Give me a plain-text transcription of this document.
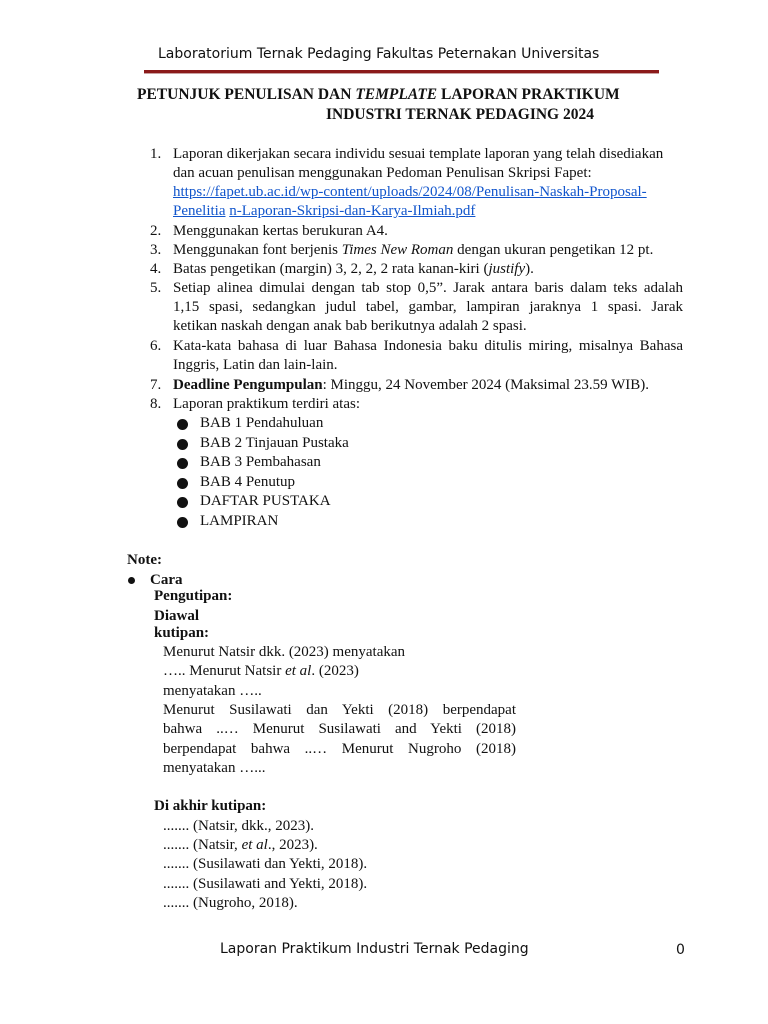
Laboratorium Ternak Pedaging Fakultas Peternakan Universitas
PETUNJUK PENULISAN DAN TEMPLATE LAPORAN PRAKTIKUM
INDUSTRI TERNAK PEDAGING 2024
1. Laporan dikerjakan secara individu sesuai template laporan yang telah disediakan
dan acuan penulisan menggunakan Pedoman Penulisan Skripsi Fapet:
https://fapet.ub.ac.id/wp-content/uploads/2024/08/Penulisan-Naskah-Proposal-
Penelitia n-Laporan-Skripsi-dan-Karya-Ilmiah.pdf
2. Menggunakan kertas berukuran A4.
3. Menggunakan font berjenis Times New Roman dengan ukuran pengetikan 12 pt.
4. Batas pengetikan (margin) 3, 2, 2, 2 rata kanan-kiri (justify).
5. Setiap alinea dimulai dengan tab stop 0,5”. Jarak antara baris dalam teks adalah
1,15 spasi, sedangkan judul tabel, gambar, lampiran jaraknya 1 spasi. Jarak
ketikan naskah dengan anak bab berikutnya adalah 2 spasi.
6. Kata-kata bahasa di luar Bahasa Indonesia baku ditulis miring, misalnya Bahasa
Inggris, Latin dan lain-lain.
7. Deadline Pengumpulan: Minggu, 24 November 2024 (Maksimal 23.59 WIB).
8. Laporan praktikum terdiri atas:
BAB 1 Pendahuluan
BAB 2 Tinjauan Pustaka
BAB 3 Pembahasan
BAB 4 Penutup
DAFTAR PUSTAKA
LAMPIRAN
Note:
Cara
Pengutipan:
Diawal
kutipan:
Menurut Natsir dkk. (2023) menyatakan
….. Menurut Natsir et al. (2023)
menyatakan …..
Menurut Susilawati dan Yekti (2018) berpendapat
bahwa ..… Menurut Susilawati and Yekti (2018)
berpendapat bahwa ..… Menurut Nugroho (2018)
menyatakan …...
Di akhir kutipan:
....... (Natsir, dkk., 2023).
....... (Natsir, et al., 2023).
....... (Susilawati dan Yekti, 2018).
....... (Susilawati and Yekti, 2018).
....... (Nugroho, 2018).
Laporan Praktikum Industri Ternak Pedaging	0
